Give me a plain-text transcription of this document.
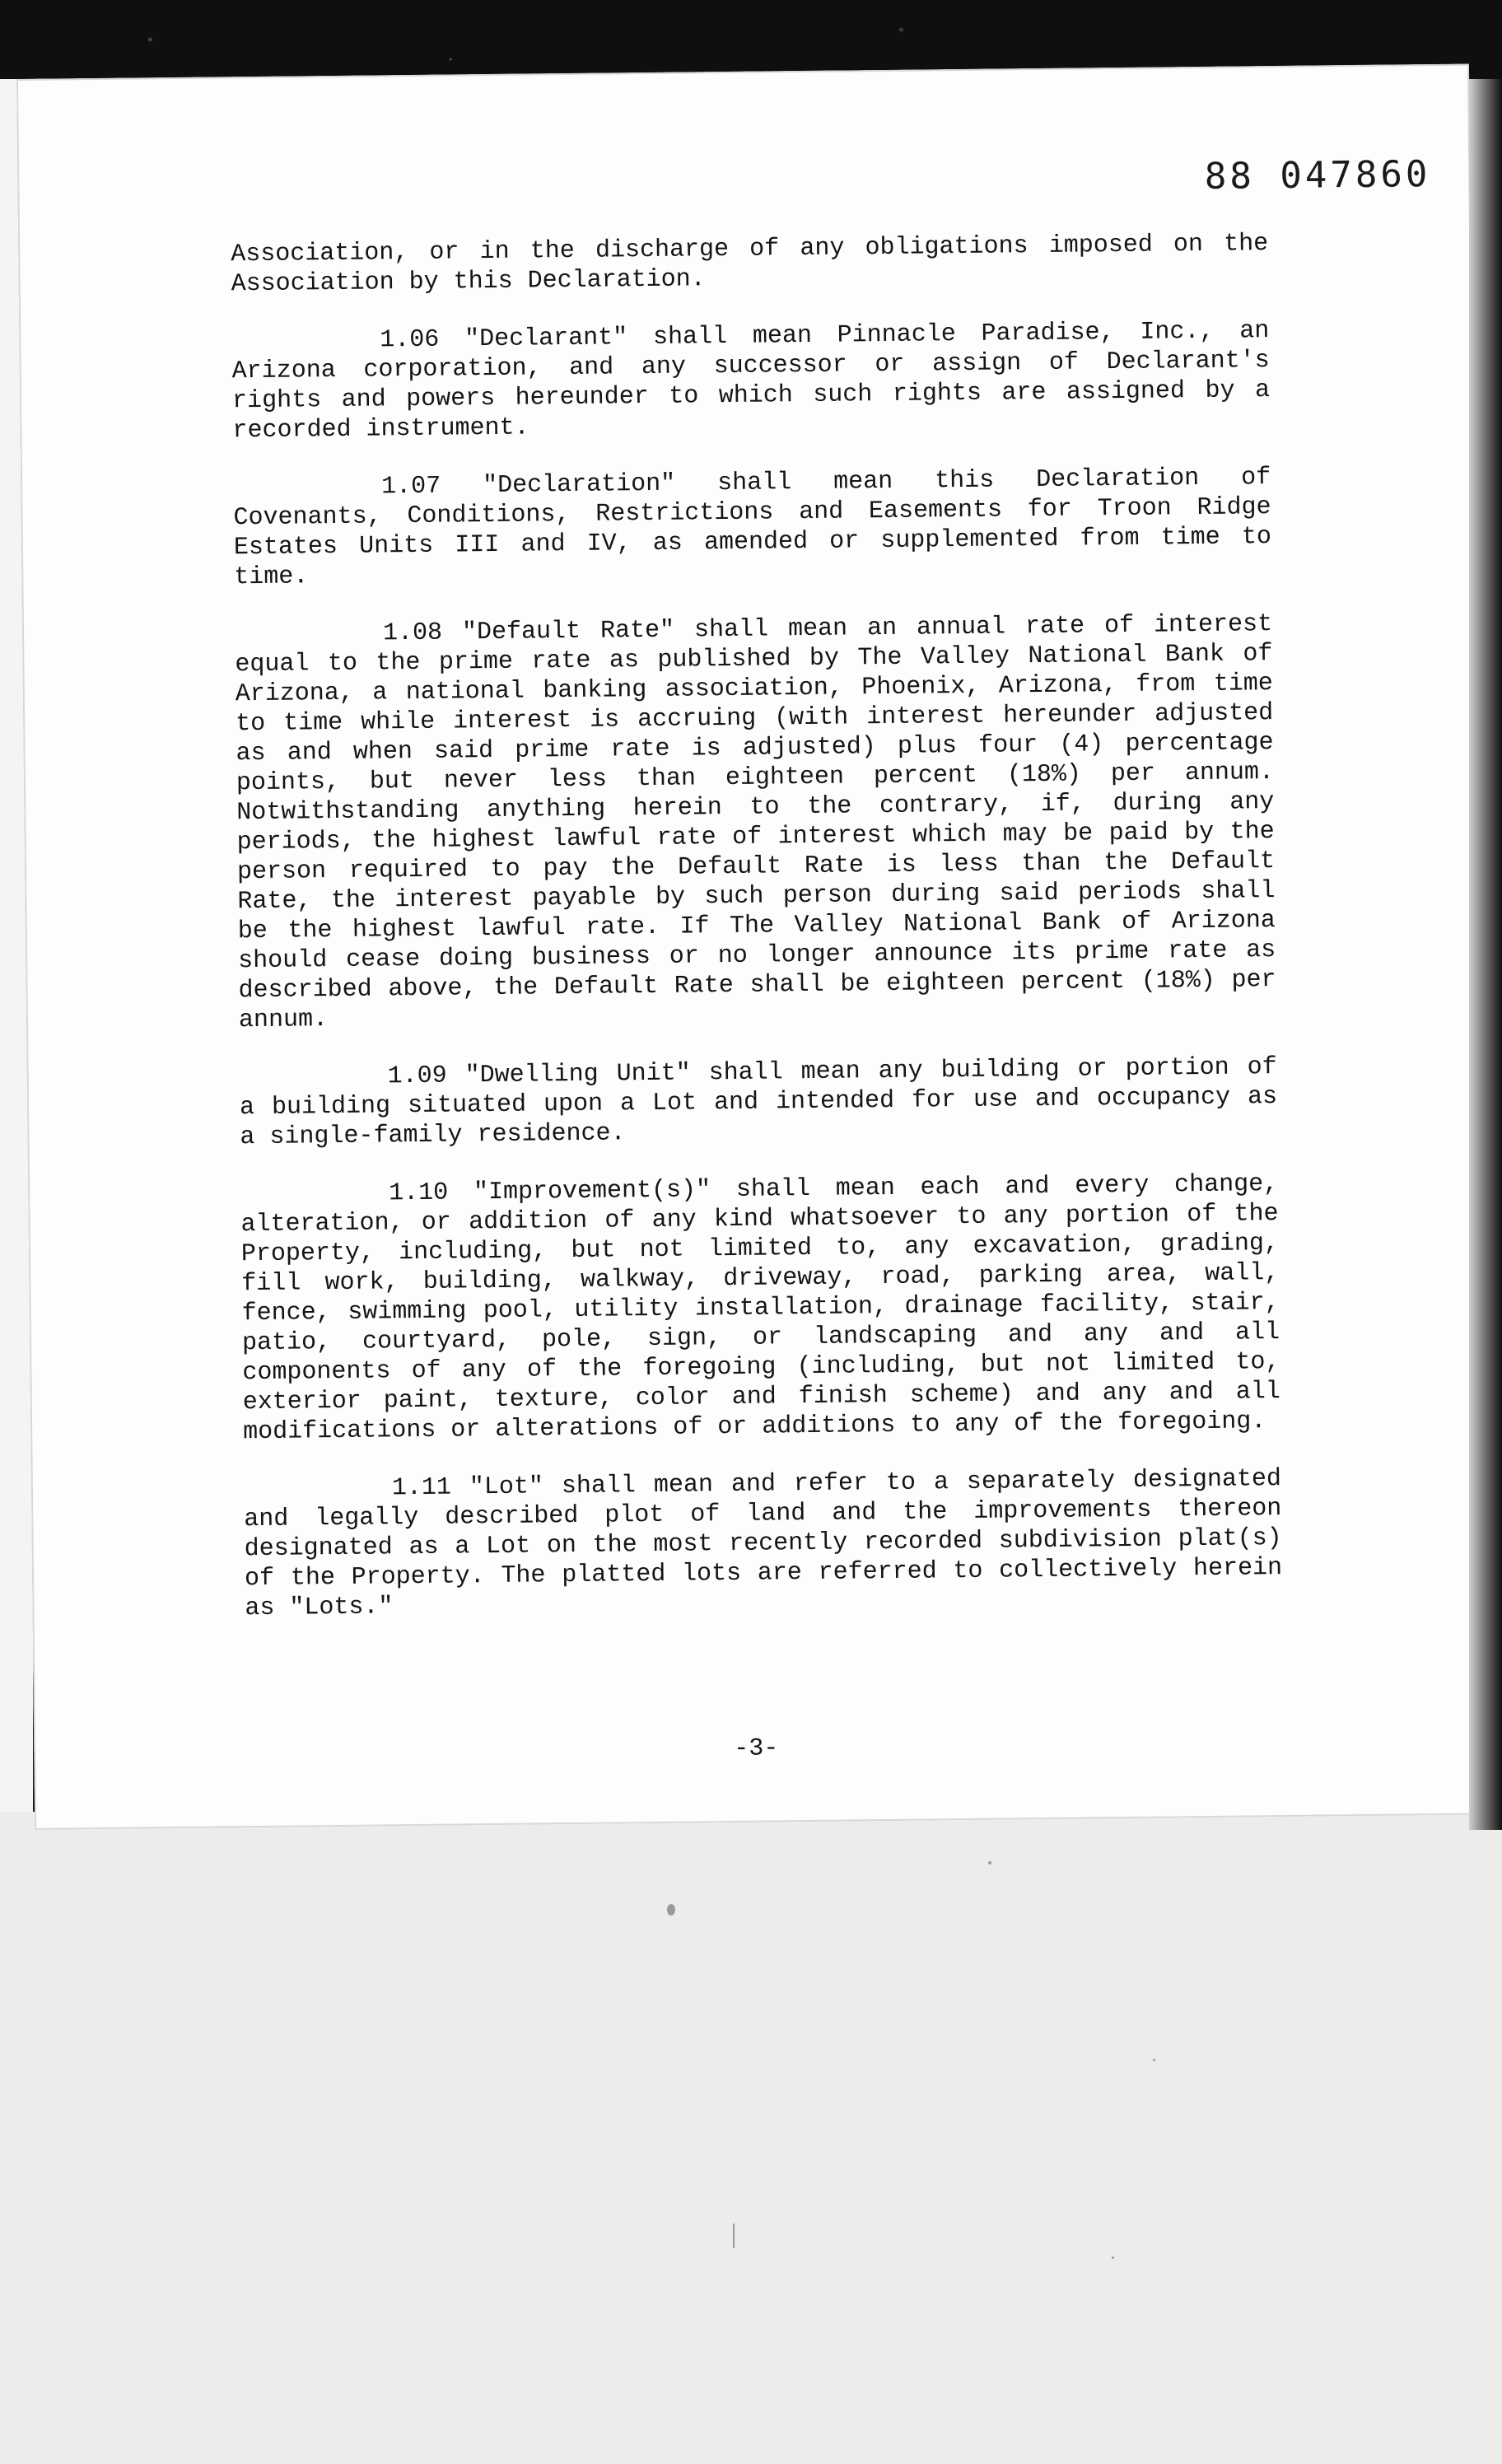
88 047860

Association, or in the discharge of any obligations imposed on the Association by this Declaration.

1.06 "Declarant" shall mean Pinnacle Paradise, Inc., an Arizona corporation, and any successor or assign of Declarant's rights and powers hereunder to which such rights are assigned by a recorded instrument.

1.07 "Declaration" shall mean this Declaration of Covenants, Conditions, Restrictions and Easements for Troon Ridge Estates Units III and IV, as amended or supplemented from time to time.

1.08 "Default Rate" shall mean an annual rate of interest equal to the prime rate as published by The Valley National Bank of Arizona, a national banking association, Phoenix, Arizona, from time to time while interest is accruing (with interest hereunder adjusted as and when said prime rate is adjusted) plus four (4) percentage points, but never less than eighteen percent (18%) per annum. Notwithstanding anything herein to the contrary, if, during any periods, the highest lawful rate of interest which may be paid by the person required to pay the Default Rate is less than the Default Rate, the interest payable by such person during said periods shall be the highest lawful rate. If The Valley National Bank of Arizona should cease doing business or no longer announce its prime rate as described above, the Default Rate shall be eighteen percent (18%) per annum.

1.09 "Dwelling Unit" shall mean any building or portion of a building situated upon a Lot and intended for use and occupancy as a single-family residence.

1.10 "Improvement(s)" shall mean each and every change, alteration, or addition of any kind whatsoever to any portion of the Property, including, but not limited to, any excavation, grading, fill work, building, walkway, driveway, road, parking area, wall, fence, swimming pool, utility installation, drainage facility, stair, patio, courtyard, pole, sign, or landscaping and any and all components of any of the foregoing (including, but not limited to, exterior paint, texture, color and finish scheme) and any and all modifications or alterations of or additions to any of the foregoing.

1.11 "Lot" shall mean and refer to a separately designated and legally described plot of land and the improvements thereon designated as a Lot on the most recently recorded subdivision plat(s) of the Property. The platted lots are referred to collectively herein as "Lots."

-3-
